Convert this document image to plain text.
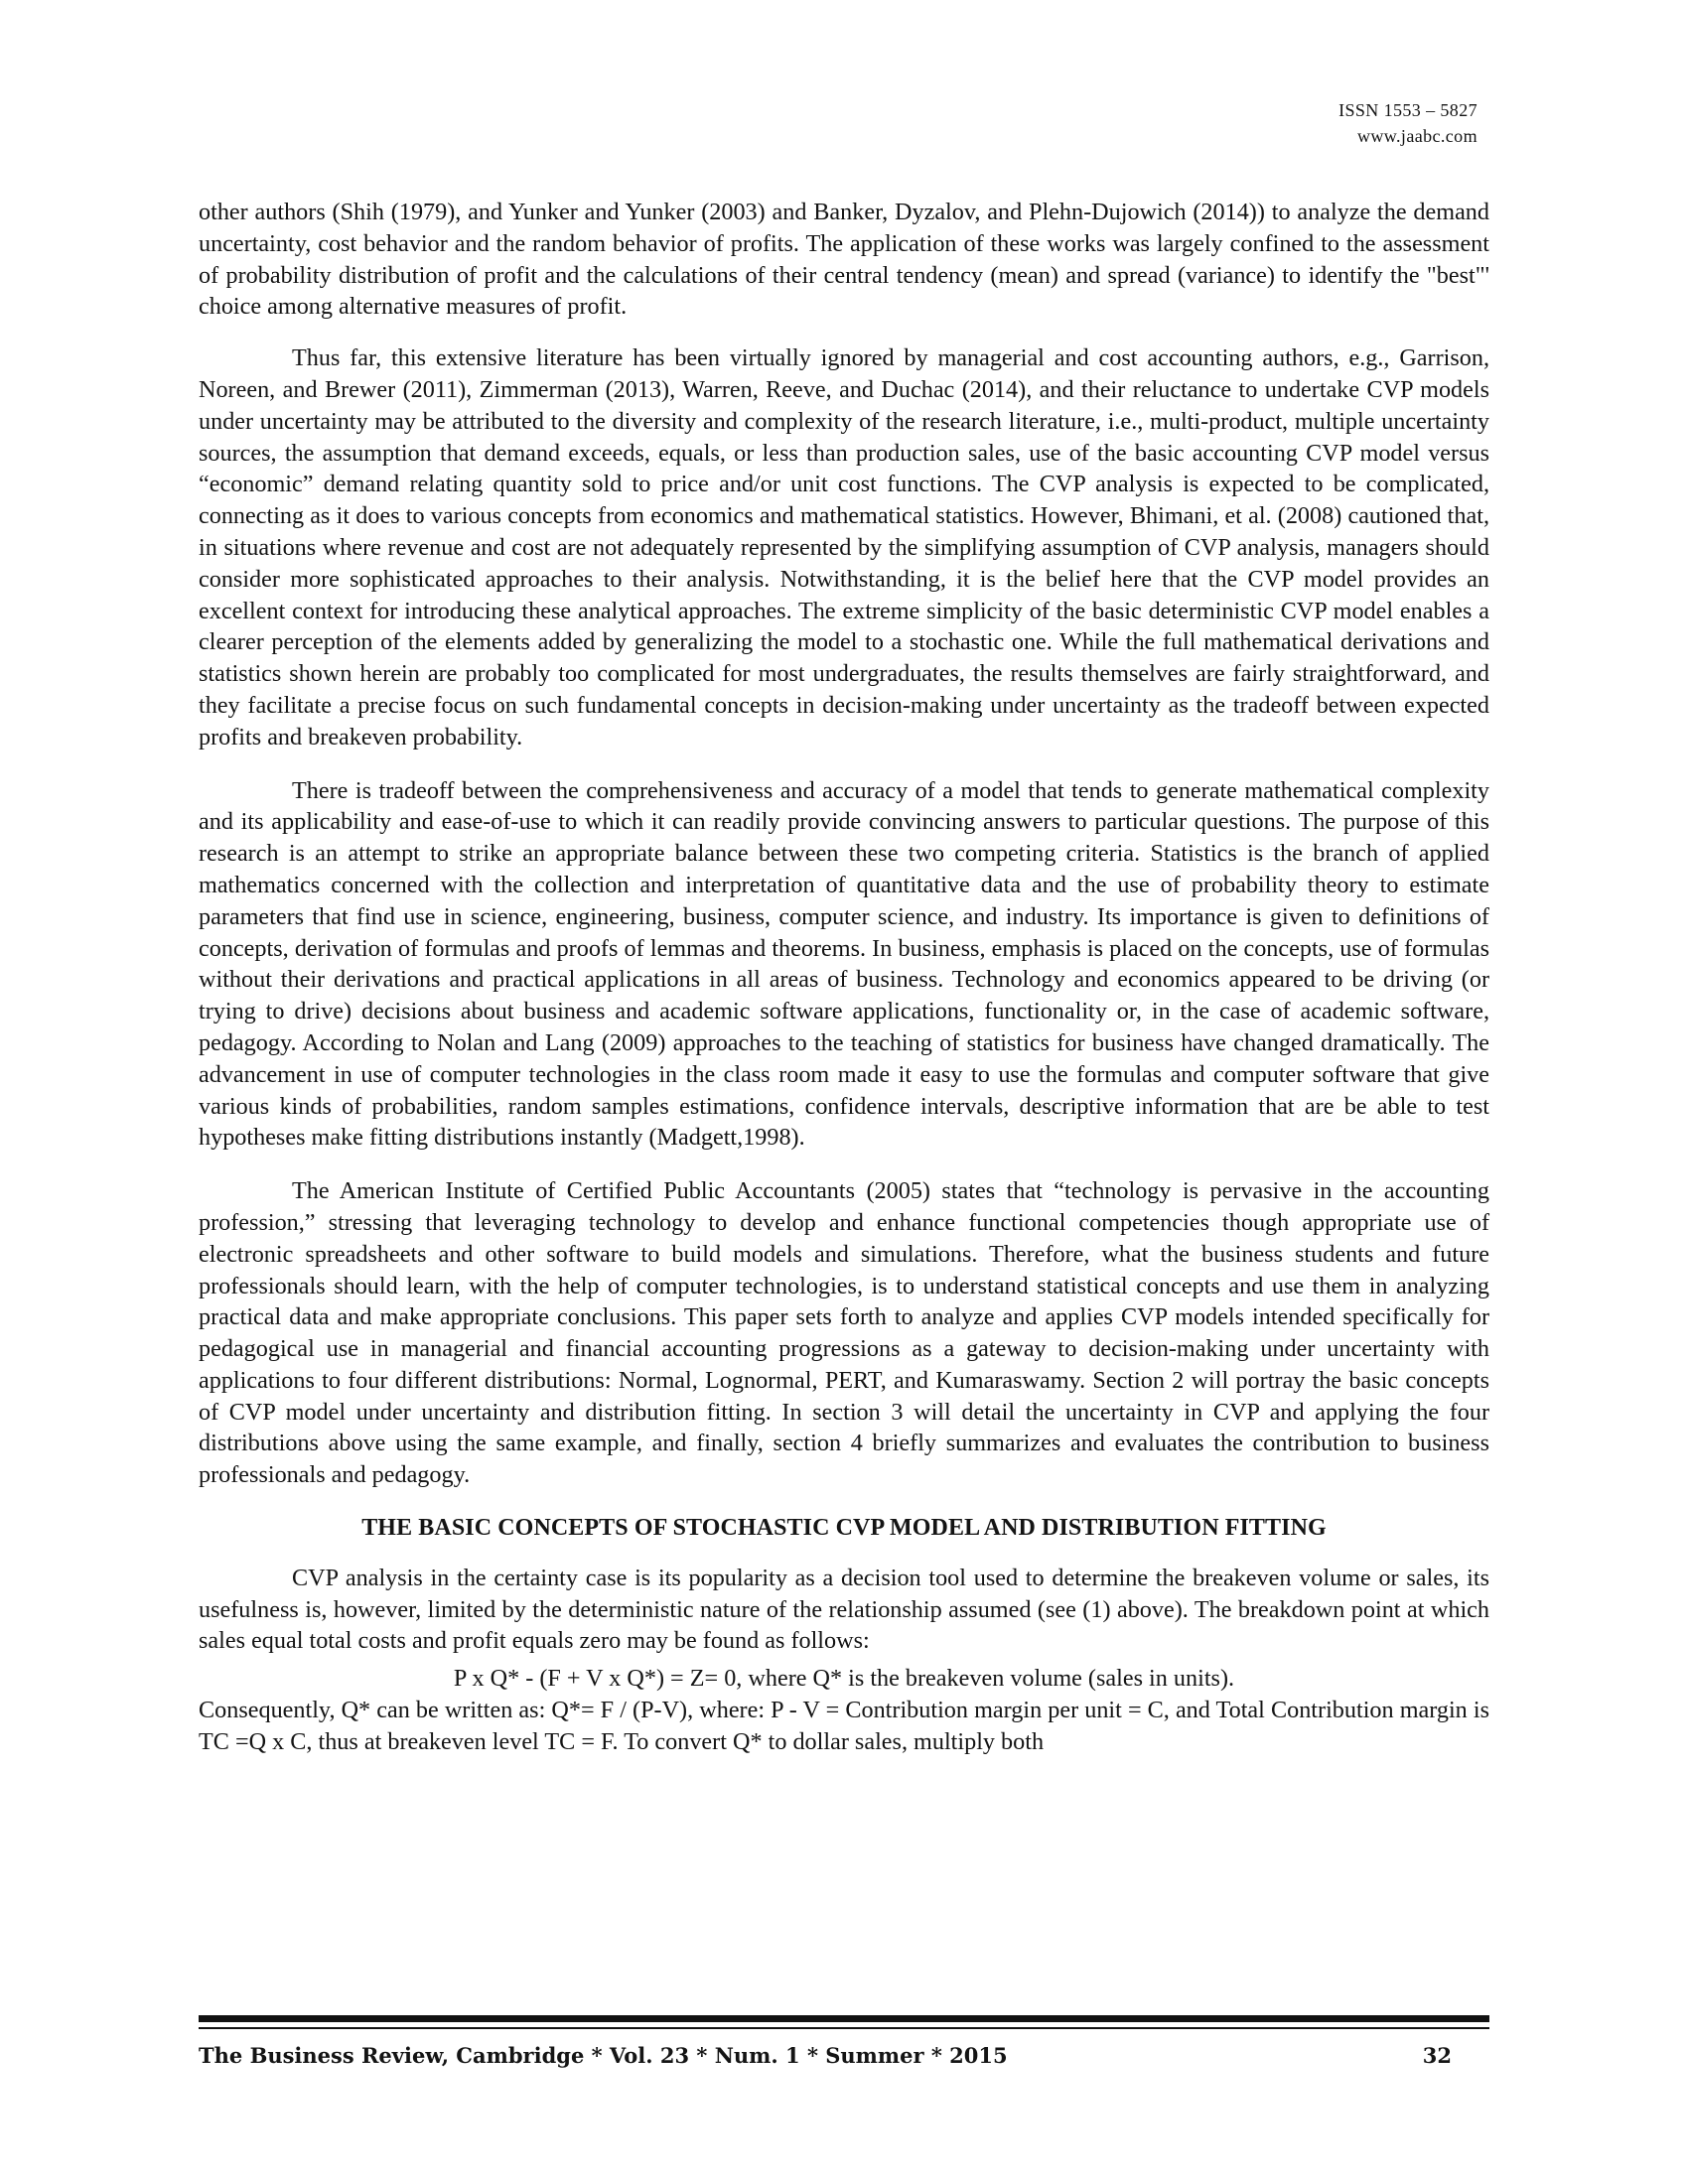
ISSN 1553 – 5827
www.jaabc.com

other authors (Shih (1979), and Yunker and Yunker (2003) and Banker, Dyzalov, and Plehn-Dujowich (2014)) to analyze the demand uncertainty, cost behavior and the random behavior of profits. The application of these works was largely confined to the assessment of probability distribution of profit and the calculations of their central tendency (mean) and spread (variance) to identify the "best"' choice among alternative measures of profit.

Thus far, this extensive literature has been virtually ignored by managerial and cost accounting authors, e.g., Garrison, Noreen, and Brewer (2011), Zimmerman (2013), Warren, Reeve, and Duchac (2014), and their reluctance to undertake CVP models under uncertainty may be attributed to the diversity and complexity of the research literature, i.e., multi-product, multiple uncertainty sources, the assumption that demand exceeds, equals, or less than production sales, use of the basic accounting CVP model versus “economic” demand relating quantity sold to price and/or unit cost functions. The CVP analysis is expected to be complicated, connecting as it does to various concepts from economics and mathematical statistics. However, Bhimani, et al. (2008) cautioned that, in situations where revenue and cost are not adequately represented by the simplifying assumption of CVP analysis, managers should consider more sophisticated approaches to their analysis. Notwithstanding, it is the belief here that the CVP model provides an excellent context for introducing these analytical approaches. The extreme simplicity of the basic deterministic CVP model enables a clearer perception of the elements added by generalizing the model to a stochastic one. While the full mathematical derivations and statistics shown herein are probably too complicated for most undergraduates, the results themselves are fairly straightforward, and they facilitate a precise focus on such fundamental concepts in decision-making under uncertainty as the tradeoff between expected profits and breakeven probability.

There is tradeoff between the comprehensiveness and accuracy of a model that tends to generate mathematical complexity and its applicability and ease-of-use to which it can readily provide convincing answers to particular questions. The purpose of this research is an attempt to strike an appropriate balance between these two competing criteria. Statistics is the branch of applied mathematics concerned with the collection and interpretation of quantitative data and the use of probability theory to estimate parameters that find use in science, engineering, business, computer science, and industry. Its importance is given to definitions of concepts, derivation of formulas and proofs of lemmas and theorems. In business, emphasis is placed on the concepts, use of formulas without their derivations and practical applications in all areas of business. Technology and economics appeared to be driving (or trying to drive) decisions about business and academic software applications, functionality or, in the case of academic software, pedagogy. According to Nolan and Lang (2009) approaches to the teaching of statistics for business have changed dramatically. The advancement in use of computer technologies in the class room made it easy to use the formulas and computer software that give various kinds of probabilities, random samples estimations, confidence intervals, descriptive information that are be able to test hypotheses make fitting distributions instantly (Madgett,1998).

The American Institute of Certified Public Accountants (2005) states that “technology is pervasive in the accounting profession,” stressing that leveraging technology to develop and enhance functional competencies though appropriate use of electronic spreadsheets and other software to build models and simulations. Therefore, what the business students and future professionals should learn, with the help of computer technologies, is to understand statistical concepts and use them in analyzing practical data and make appropriate conclusions. This paper sets forth to analyze and applies CVP models intended specifically for pedagogical use in managerial and financial accounting progressions as a gateway to decision-making under uncertainty with applications to four different distributions: Normal, Lognormal, PERT, and Kumaraswamy. Section 2 will portray the basic concepts of CVP model under uncertainty and distribution fitting. In section 3 will detail the uncertainty in CVP and applying the four distributions above using the same example, and finally, section 4 briefly summarizes and evaluates the contribution to business professionals and pedagogy.

THE BASIC CONCEPTS OF STOCHASTIC CVP MODEL AND DISTRIBUTION FITTING

CVP analysis in the certainty case is its popularity as a decision tool used to determine the breakeven volume or sales, its usefulness is, however, limited by the deterministic nature of the relationship assumed (see (1) above). The breakdown point at which sales equal total costs and profit equals zero may be found as follows:

P x Q* - (F + V x Q*) = Z= 0, where Q* is the breakeven volume (sales in units).

Consequently, Q* can be written as: Q*= F / (P-V), where: P - V = Contribution margin per unit = C, and Total Contribution margin is TC =Q x C, thus at breakeven level TC = F. To convert Q* to dollar sales, multiply both

The Business Review, Cambridge * Vol. 23 * Num. 1 * Summer * 2015	32
